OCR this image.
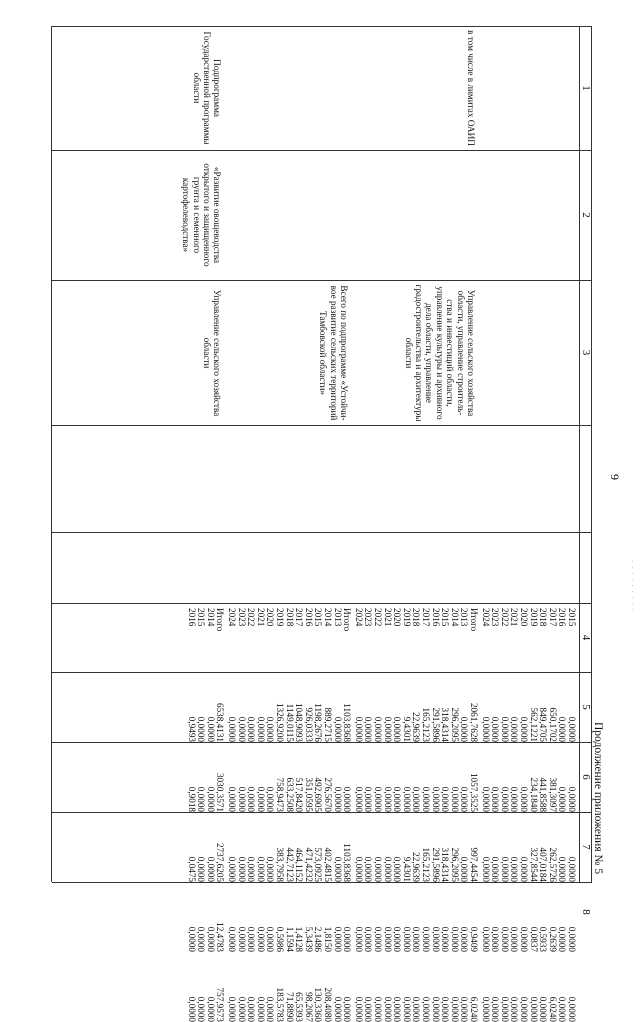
· · · · · · · · ·
9
Продолжение приложения № 5
1
2
3
4
5
6
7
8
2015
2016
2017
2018
2019
2020
2021
2022
2023
2024
0,0000
0,0000
650,1702
849,4705
562,1221
0,0000
0,0000
0,0000
0,0000
0,0000
0,0000
0,0000
381,3097
441,8588
234,1840
0,0000
0,0000
0,0000
0,0000
0,0000
0,0000
0,0000
262,5726
407,0184
327,8544
0,0000
0,0000
0,0000
0,0000
0,0000
0,0000
0,0000
0,2639
0,5933
0,0837
0,0000
0,0000
0,0000
0,0000
0,0000
0,0000
0,0000
6,0240
0,0000
0,0000
0,0000
0,0000
0,0000
0,0000
0,0000
Итого
2013
2014
2015
2016
2017
2018
2019
2020
2021
2022
2023
2024
2061,7628
0,0000
296,2095
318,4314
291,5896
165,2123
22,9639
9,4301
0,0000
0,0000
0,0000
0,0000
0,0000
1057,3525
0,0000
0,0000
0,0000
0,0000
0,0000
0,0000
0,0000
0,0000
0,0000
0,0000
0,0000
0,0000
997,4454
0,0000
296,2095
318,4314
291,5896
165,2123
22,9639
9,4301
0,0000
0,0000
0,0000
0,0000
0,0000
0,9409
0,0000
0,0000
0,0000
0,0000
0,0000
0,0000
0,0000
0,0000
0,0000
0,0000
0,0000
0,0000
6,0240
0,0000
0,0000
0,0000
0,0000
0,0000
0,0000
0,0000
0,0000
0,0000
0,0000
0,0000
0,0000
в том числе в лимитах ОАИП
Управление сельского хозяйства области, управление строитель-ства и инвестиций области, управление культуры и архивного дела области, управление градостроительства и архитектуры области
Итого
2013
2014
2015
2016
2017
2018
2019
2020
2021
2022
2023
2024
1103,8368
0,0000
889,2715
1198,2676
926,0333
1048,9093
1149,0115
1326,9200
0,0000
0,0000
0,0000
0,0000
0,0000
0,0000
0,0000
276,5670
492,6905
351,0595
517,8420
633,2508
758,9473
0,0000
0,0000
0,0000
0,0000
0,0000
1103,8368
0,0000
402,4815
573,0925
471,4232
464,1152
442,7123
383,7958
0,0000
0,0000
0,0000
0,0000
0,0000
0,0000
0,0000
1,8150
2,1486
5,3439
1,4128
1,1594
0,5986
0,0000
0,0000
0,0000
0,0000
0,0000
0,0000
0,0000
208,4080
130,3360
98,2067
65,5393
71,8890
183,5783
0,0000
0,0000
0,0000
0,0000
0,0000
Всего по подпрограмме «Устойчи-вое развитие сельских территорий Тамбовской области»
Итого
2014
2015
2016
6538,4131
0,0000
0,0000
0,9493
3030,3571
0,0000
0,0000
0,9018
2737,6205
0,0000
0,0000
0,0475
12,4783
0,0000
0,0000
0,0000
757,9573
0,0000
0,0000
0,0000
Подпрограмма Государственной программы области
«Развитие овощеводства открытого и защищенного грунта и семенного картофелеводства»
Управление сельского хозяйства области
